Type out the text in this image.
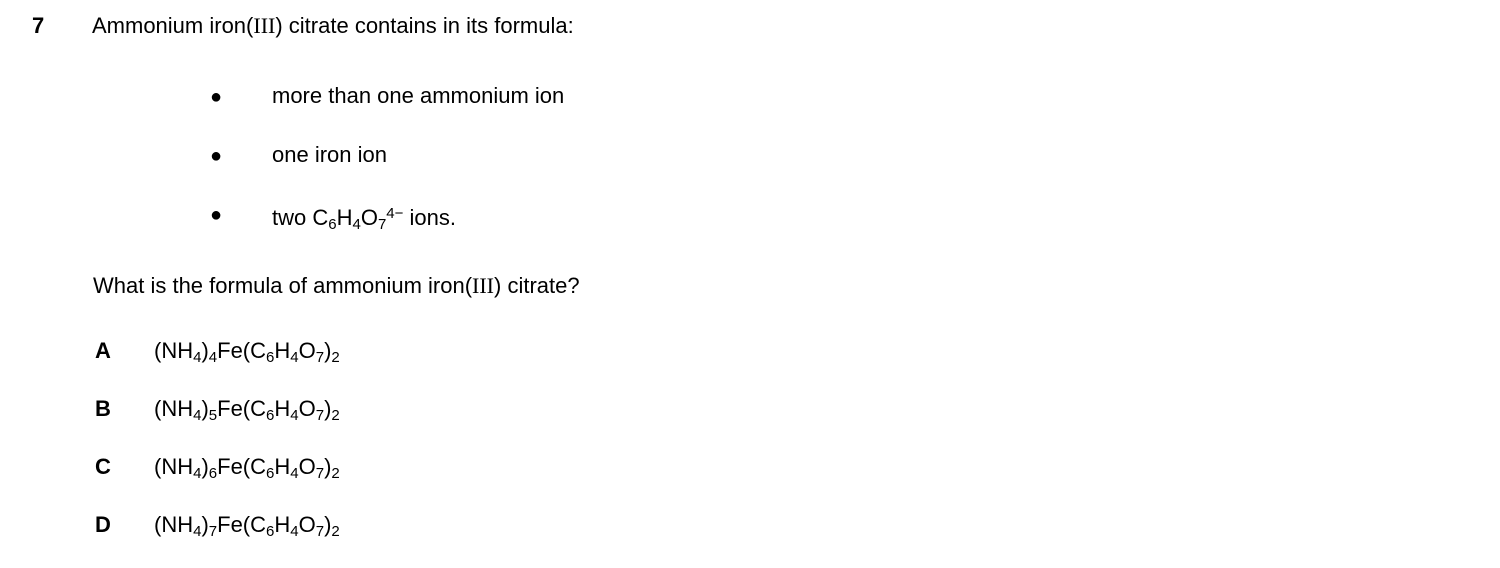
7	Ammonium iron(III) citrate contains in its formula:
●	more than one ammonium ion
●	one iron ion
●	two $C_6H_4O_7^{4-}$ ions.
What is the formula of ammonium iron(III) citrate?
A	$(NH_4)_4Fe(C_6H_4O_7)_2$
B	$(NH_4)_5Fe(C_6H_4O_7)_2$
C	$(NH_4)_6Fe(C_6H_4O_7)_2$
D	$(NH_4)_7Fe(C_6H_4O_7)_2$
